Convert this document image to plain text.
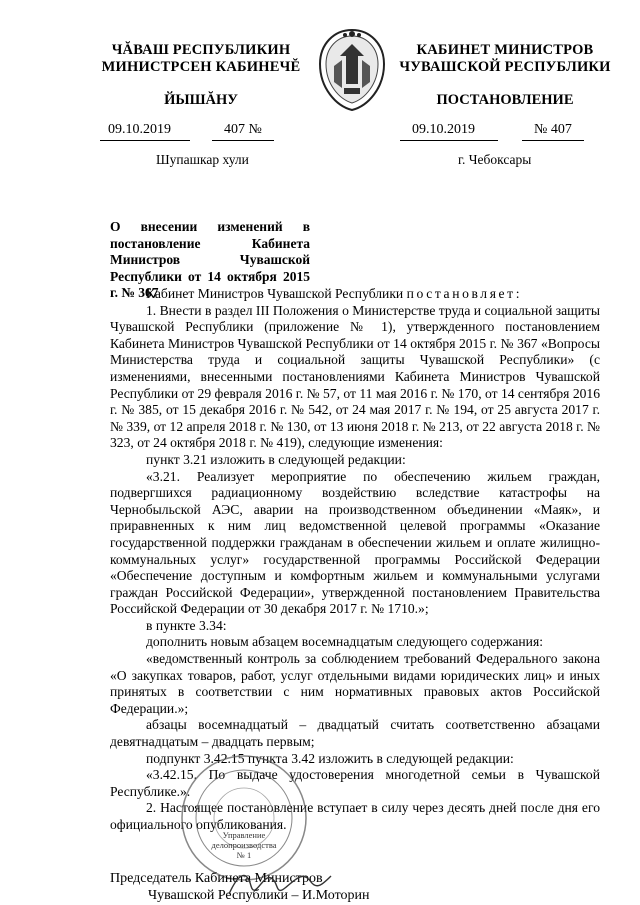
ЧĂВАШ РЕСПУБЛИКИН
МИНИСТРСЕН КАБИНЕЧĔ
ЙЫШĂНУ
КАБИНЕТ МИНИСТРОВ
ЧУВАШСКОЙ РЕСПУБЛИКИ
ПОСТАНОВЛЕНИЕ
09.10.2019	407 №	09.10.2019	№ 407
Шупашкар хули	г. Чебоксары
О внесении изменений в постановление Кабинета Министров Чувашской Республики от 14 октября 2015 г. № 367

Кабинет Министров Чувашской Республики постановляет:

1. Внести в раздел III Положения о Министерстве труда и социальной защиты Чувашской Республики (приложение № 1), утвержденного постановлением Кабинета Министров Чувашской Республики от 14 октября 2015 г. № 367 «Вопросы Министерства труда и социальной защиты Чувашской Республики» (с изменениями, внесенными постановлениями Кабинета Министров Чувашской Республики от 29 февраля 2016 г. № 57, от 11 мая 2016 г. № 170, от 14 сентября 2016 г. № 385, от 15 декабря 2016 г. № 542, от 24 мая 2017 г. № 194, от 25 августа 2017 г. № 339, от 12 апреля 2018 г. № 130, от 13 июня 2018 г. № 213, от 22 августа 2018 г. № 323, от 24 октября 2018 г. № 419), следующие изменения:

пункт 3.21 изложить в следующей редакции:

«3.21. Реализует мероприятие по обеспечению жильем граждан, подвергшихся радиационному воздействию вследствие катастрофы на Чернобыльской АЭС, аварии на производственном объединении «Маяк», и приравненных к ним лиц ведомственной целевой программы «Оказание государственной поддержки гражданам в обеспечении жильем и оплате жилищно-коммунальных услуг» государственной программы Российской Федерации «Обеспечение доступным и комфортным жильем и коммунальными услугами граждан Российской Федерации», утвержденной постановлением Правительства Российской Федерации от 30 декабря 2017 г. № 1710.»;

в пункте 3.34:

дополнить новым абзацем восемнадцатым следующего содержания:

«ведомственный контроль за соблюдением требований Федерального закона «О закупках товаров, работ, услуг отдельными видами юридических лиц» и иных принятых в соответствии с ним нормативных правовых актов Российской Федерации.»;

абзацы восемнадцатый – двадцатый считать соответственно абзацами девятнадцатым – двадцать первым;

подпункт 3.42.15 пункта 3.42 изложить в следующей редакции:

«3.42.15. По выдаче удостоверения многодетной семьи в Чувашской Республике.».

2. Настоящее постановление вступает в силу через десять дней после дня его официального опубликования.

Управление
делопроизводства
№ 1
Председатель Кабинета Министров
Чувашской Республики – И.Моторин
